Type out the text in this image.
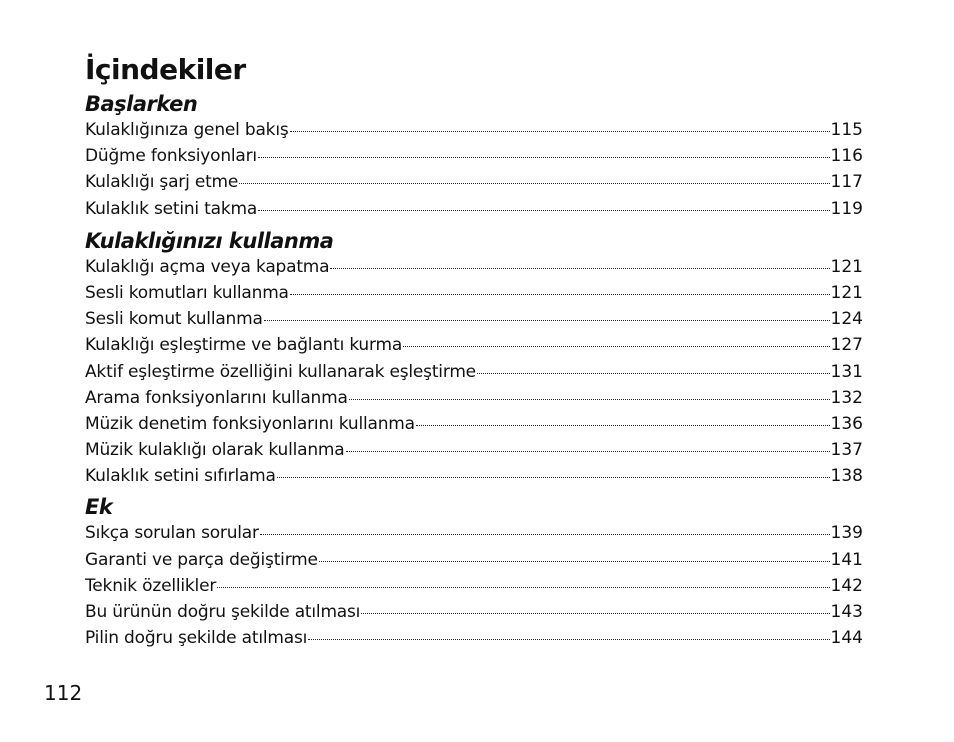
İçindekiler
Başlarken
Kulaklığınıza genel bakış	115
Düğme fonksiyonları	116
Kulaklığı şarj etme	117
Kulaklık setini takma	119
Kulaklığınızı kullanma
Kulaklığı açma veya kapatma	121
Sesli komutları kullanma	121
Sesli komut kullanma	124
Kulaklığı eşleştirme ve bağlantı kurma	127
Aktif eşleştirme özelliğini kullanarak eşleştirme	131
Arama fonksiyonlarını kullanma	132
Müzik denetim fonksiyonlarını kullanma	136
Müzik kulaklığı olarak kullanma	137
Kulaklık setini sıfırlama	138
Ek
Sıkça sorulan sorular	139
Garanti ve parça değiştirme	141
Teknik özellikler	142
Bu ürünün doğru şekilde atılması	143
Pilin doğru şekilde atılması	144
112
